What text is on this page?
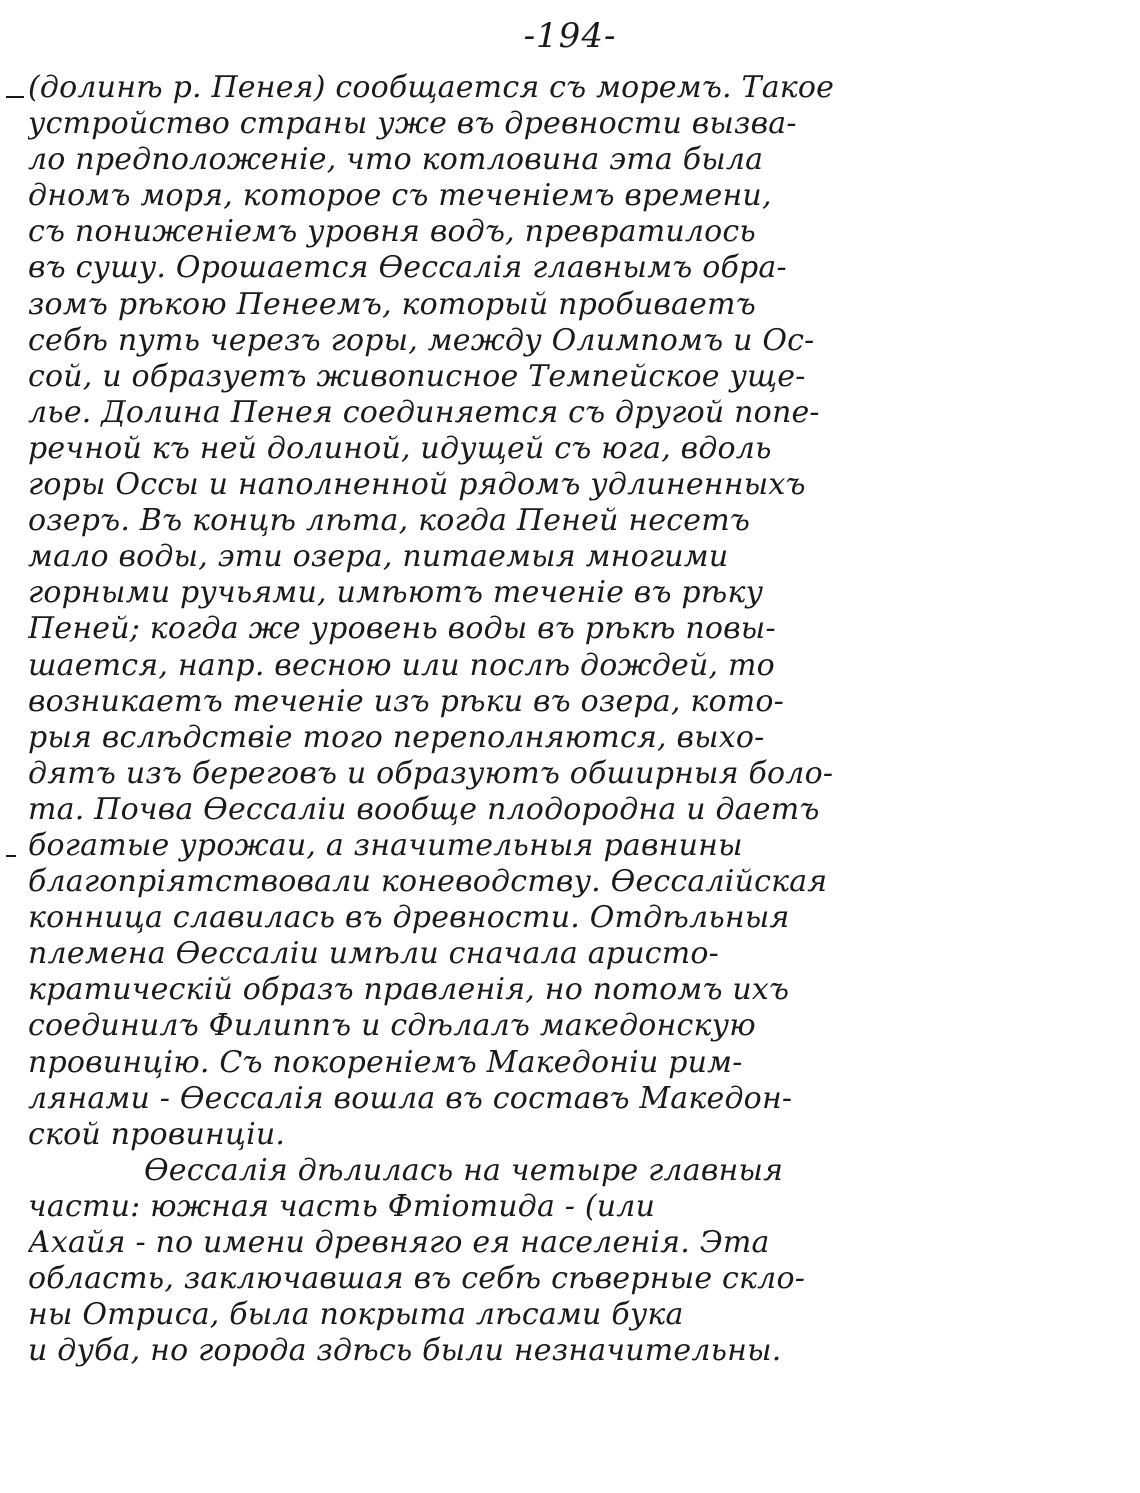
-194-
(долинѣ р. Пенея) сообщается съ моремъ. Такое
устройство страны уже въ древности вызва-
ло предположеніе, что котловина эта была
дномъ моря, которое съ теченіемъ времени,
съ пониженіемъ уровня водъ, превратилось
въ сушу. Орошается Ѳессалія главнымъ обра-
зомъ рѣкою Пенеемъ, который пробиваетъ
себѣ путь черезъ горы, между Олимпомъ и Ос-
сой, и образуетъ живописное Темпейское уще-
лье. Долина Пенея соединяется съ другой попе-
речной къ ней долиной, идущей съ юга, вдоль
горы Оссы и наполненной рядомъ удлиненныхъ
озеръ. Въ концѣ лѣта, когда Пеней несетъ
мало воды, эти озера, питаемыя многими
горными ручьями, имѣютъ теченіе въ рѣку
Пеней; когда же уровень воды въ рѣкѣ повы-
шается, напр. весною или послѣ дождей, то
возникаетъ теченіе изъ рѣки въ озера, кото-
рыя вслѣдствіе того переполняются, выхо-
дятъ изъ береговъ и образуютъ обширныя боло-
та. Почва Ѳессаліи вообще плодородна и даетъ
богатые урожаи, а значительныя равнины
благопріятствовали коневодству. Ѳессалійская
конница славилась въ древности. Отдѣльныя
племена Ѳессаліи имѣли сначала аристо-
кратическій образъ правленія, но потомъ ихъ
соединилъ Филиппъ и сдѣлалъ македонскую
провинцію. Съ покореніемъ Македоніи рим-
лянами - Ѳессалія вошла въ составъ Македон-
ской провинціи.
Ѳессалія дѣлилась на четыре главныя
части: южная часть Фтіотида - (или
Ахайя - по имени древняго ея населенія. Эта
область, заключавшая въ себѣ сѣверные скло-
ны Отриса, была покрыта лѣсами бука
и дуба, но города здѣсь были незначительны.
